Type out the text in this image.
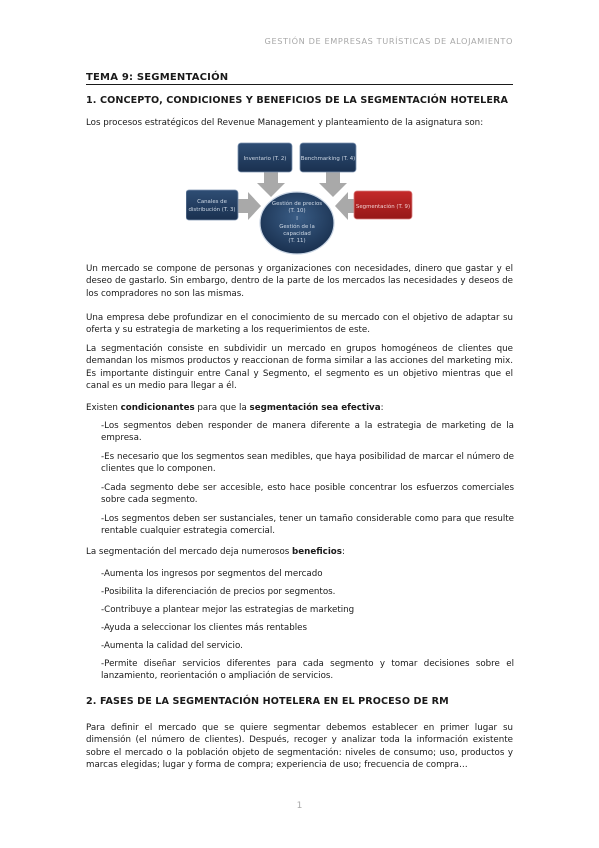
GESTIÓN DE EMPRESAS TURÍSTICAS DE ALOJAMIENTO
TEMA 9: SEGMENTACIÓN
1. CONCEPTO, CONDICIONES Y BENEFICIOS DE LA SEGMENTACIÓN HOTELERA
Los procesos estratégicos del Revenue Management y planteamiento de la asignatura son:
Inventario (T. 2)	Benchmarking (T. 4)
Canales de
distribución (T. 3)	Segmentación (T. 9)
Gestión de precios
(T. 10)
I
Gestión de la
capacidad
(T. 11)
Un mercado se compone de personas y organizaciones con necesidades, dinero que gastar y el deseo de gastarlo. Sin embargo, dentro de la parte de los mercados las necesidades y deseos de los compradores no son las mismas.
Una empresa debe profundizar en el conocimiento de su mercado con el objetivo de adaptar su oferta y su estrategia de marketing a los requerimientos de este.
La segmentación consiste en subdividir un mercado en grupos homogéneos de clientes que demandan los mismos productos y reaccionan de forma similar a las acciones del marketing mix. Es importante distinguir entre Canal y Segmento, el segmento es un objetivo mientras que el canal es un medio para llegar a él.
Existen condicionantes para que la segmentación sea efectiva:
-Los segmentos deben responder de manera diferente a la estrategia de marketing de la empresa.
-Es necesario que los segmentos sean medibles, que haya posibilidad de marcar el número de clientes que lo componen.
-Cada segmento debe ser accesible, esto hace posible concentrar los esfuerzos comerciales sobre cada segmento.
-Los segmentos deben ser sustanciales, tener un tamaño considerable como para que resulte rentable cualquier estrategia comercial.
La segmentación del mercado deja numerosos beneficios:
-Aumenta los ingresos por segmentos del mercado
-Posibilita la diferenciación de precios por segmentos.
-Contribuye a plantear mejor las estrategias de marketing
-Ayuda a seleccionar los clientes más rentables
-Aumenta la calidad del servicio.
-Permite diseñar servicios diferentes para cada segmento y tomar decisiones sobre el lanzamiento, reorientación o ampliación de servicios.
2. FASES DE LA SEGMENTACIÓN HOTELERA EN EL PROCESO DE RM
Para definir el mercado que se quiere segmentar debemos establecer en primer lugar su dimensión (el número de clientes). Después, recoger y analizar toda la información existente sobre el mercado o la población objeto de segmentación: niveles de consumo; uso, productos y marcas elegidas; lugar y forma de compra; experiencia de uso; frecuencia de compra…
1
